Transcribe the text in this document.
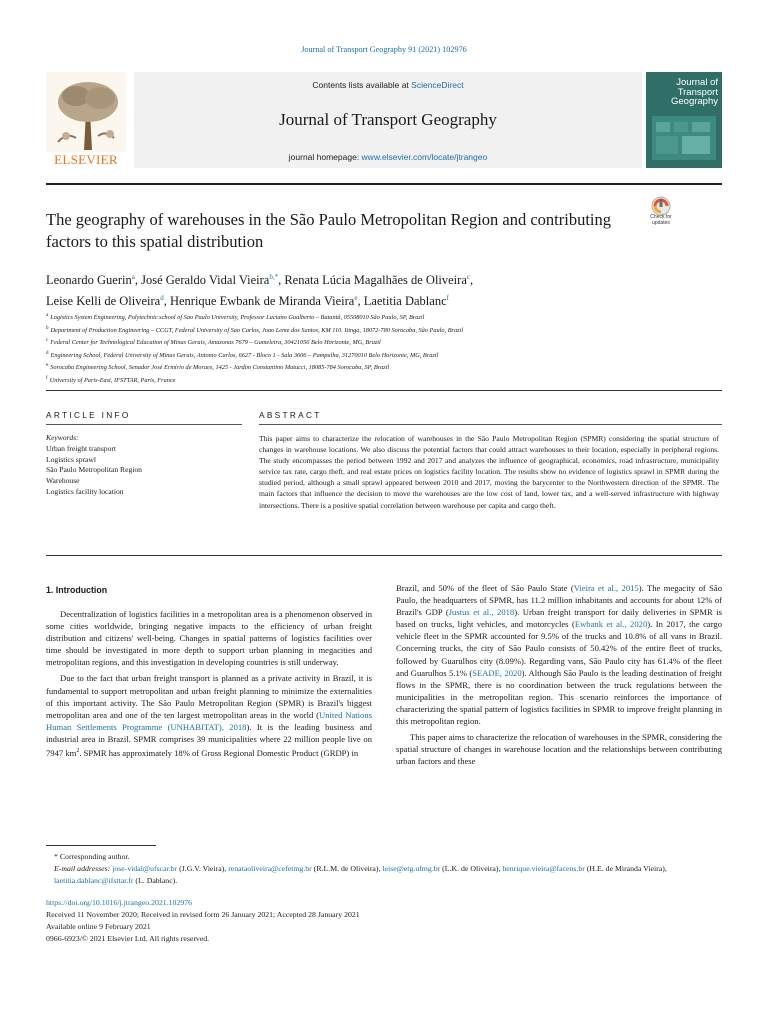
Journal of Transport Geography 91 (2021) 102976
ELSEVIER
Contents lists available at ScienceDirect
Journal of Transport Geography
journal homepage: www.elsevier.com/locate/jtrangeo
Journal of Transport Geography
The geography of warehouses in the São Paulo Metropolitan Region and contributing factors to this spatial distribution
Check for updates
Leonardo Guerin$^a$, José Geraldo Vidal Vieira$^{b,*}$, Renata Lúcia Magalhães de Oliveira$^c$,
Leise Kelli de Oliveira$^d$, Henrique Ewbank de Miranda Vieira$^e$, Laetitia Dablanc$^f$
$^a$ Logistics System Engineering, Polytechnic school of Sao Paulo University, Professor Luciano Gualberto – Butantã, 05508010 São Paulo, SP, Brazil
$^b$ Department of Production Engineering – CCGT, Federal University of Sao Carlos, Joao Leme dos Santos, KM 110. Itinga, 18072-780 Sorocaba, São Paulo, Brazil
$^c$ Federal Center for Technological Education of Minas Gerais, Amazonas 7679 – Gameleira, 30421056 Belo Horizonte, MG, Brazil
$^d$ Engineering School, Federal University of Minas Gerais, Antonio Carlos, 6627 - Bloco 1 - Sala 3606 – Pampulha, 31270010 Belo Horizonte, MG, Brazil
$^e$ Sorocaba Engineering School, Senador José Ermírio de Moraes, 1425 - Jardim Constantino Matucci, 18085-784 Sorocaba, SP, Brazil
$^f$ University of Paris-East, IFSTTAR, Paris, France
ARTICLE INFO	ABSTRACT
Keywords:
Urban freight transport
Logistics sprawl
São Paulo Metropolitan Region
Warehouse
Logistics facility location
This paper aims to characterize the relocation of warehouses in the São Paulo Metropolitan Region (SPMR) considering the spatial structure of changes in warehouse locations. We also discuss the potential factors that could attract warehouses to their location, especially in peripheral regions. The study encompasses the period between 1992 and 2017 and analyzes the influence of geographical, economics, road infrastructure, municipality service tax rate, cargo theft, and real estate prices on logistics facility location. The results show no evidence of logistics sprawl in SPMR during the studied period, although a small sprawl appeared between 2010 and 2017, moving the barycenter to the Northwestern direction of the SPMR. The main factors that influence the decision to move the warehouses are the low cost of land, lower tax, and a well-served infrastructure with highway intersections. There is a positive spatial correlation between warehouse per capita and cargo theft.
1. Introduction

Decentralization of logistics facilities in a metropolitan area is a phenomenon observed in some cities worldwide, bringing negative impacts to the efficiency of urban freight distribution and citizens' well-being. Changes in spatial patterns of logistics facilities over time should be investigated in more depth to support urban planning in megacities and metropolitan regions, and this investigation in developing countries is still underway.

Due to the fact that urban freight transport is planned as a private activity in Brazil, it is fundamental to support metropolitan and urban freight planning to minimize the externalities of this important activity. The São Paulo Metropolitan Region (SPMR) is Brazil's biggest metropolitan area and one of the ten largest metropolitan areas in the world (United Nations Human Settlements Programme (UNHABITAT), 2018). It is the leading business and industrial area in Brazil. SPMR comprises 39 municipalities where 22 million people live on 7947 $km^2$. SPMR has approximately 18% of Gross Regional Domestic Product (GRDP) in

Brazil, and 50% of the fleet of São Paulo State (Vieira et al., 2015). The megacity of São Paulo, the headquarters of SPMR, has 11.2 million inhabitants and accounts for about 12% of Brazil's GDP (Justus et al., 2018). Urban freight transport for daily deliveries in SPMR is based on trucks, light vehicles, and motorcycles (Ewbank et al., 2020). In 2017, the cargo vehicle fleet in the SPMR accounted for 9.5% of the trucks and 10.8% of all vans in Brazil. Concerning trucks, the city of São Paulo consists of 50.42% of the entire fleet of trucks, followed by Guarulhos city (8.09%). Regarding vans, São Paulo city has 61.4% of the fleet and Guarulhos 5.1% (SEADE, 2020). Although São Paulo is the leading destination of freight flows in the SPMR, there is no coordination between the truck regulations between the municipalities in the metropolitan region. This scenario reinforces the importance of characterizing the spatial pattern of logistics facilities in SPMR to improve freight planning in this metropolitan region.

This paper aims to characterize the relocation of warehouses in the SPMR, considering the spatial structure of changes in warehouse location and the relationships between contributing urban factors and these

* Corresponding author.
E-mail addresses: jose-vidal@ufscar.br (J.G.V. Vieira), renataoliveira@cefetmg.br (R.L.M. de Oliveira), leise@etg.ufmg.br (L.K. de Oliveira), henrique.vieira@facens.br (H.E. de Miranda Vieira), laetitia.dablanc@ifsttar.fr (L. Dablanc).
https://doi.org/10.1016/j.jtrangeo.2021.102976
Received 11 November 2020; Received in revised form 26 January 2021; Accepted 28 January 2021
Available online 9 February 2021
0966-6923/© 2021 Elsevier Ltd. All rights reserved.
